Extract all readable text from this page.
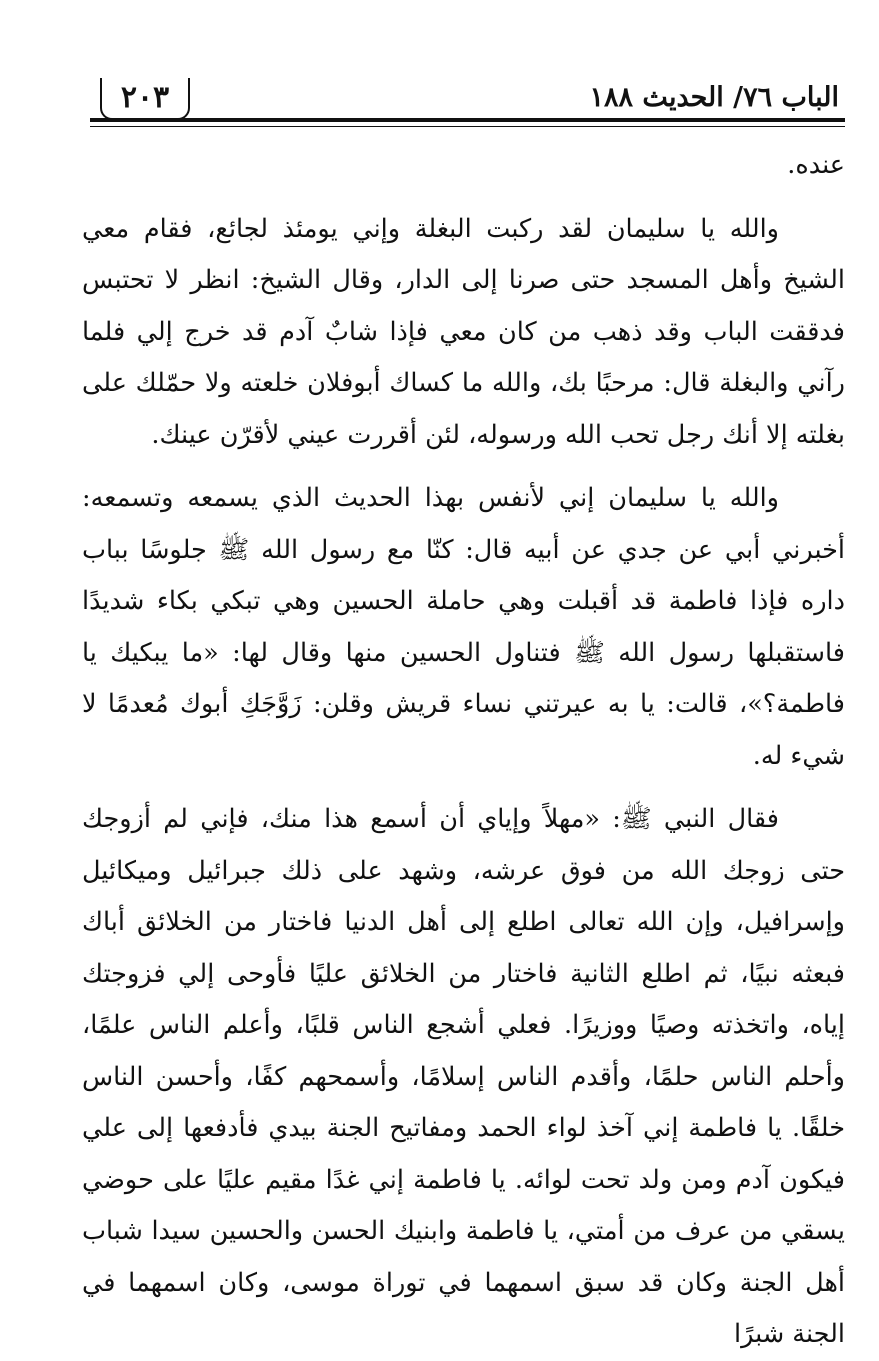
٢٠٣	الباب ٧٦/ الحديث ١٨٨

عنده.

والله يا سليمان لقد ركبت البغلة وإني يومئذ لجائع، فقام معي الشيخ وأهل المسجد حتى صرنا إلى الدار، وقال الشيخ: انظر لا تحتبس فدققت الباب وقد ذهب من كان معي فإذا شابٌ آدم قد خرج إلي فلما رآني والبغلة قال: مرحبًا بك، والله ما كساك أبوفلان خلعته ولا حمّلك على بغلته إلا أنك رجل تحب الله ورسوله، لئن أقررت عيني لأقرّن عينك.

والله يا سليمان إني لأنفس بهذا الحديث الذي يسمعه وتسمعه: أخبرني أبي عن جدي عن أبيه قال: كنّا مع رسول الله ﷺ جلوسًا بباب داره فإذا فاطمة قد أقبلت وهي حاملة الحسين وهي تبكي بكاء شديدًا فاستقبلها رسول الله ﷺ فتناول الحسين منها وقال لها: «ما يبكيك يا فاطمة؟»، قالت: يا به عيرتني نساء قريش وقلن: زَوَّجَكِ أبوك مُعدمًا لا شيء له.

فقال النبي ﷺ: «مهلاً وإياي أن أسمع هذا منك، فإني لم أزوجك حتى زوجك الله من فوق عرشه، وشهد على ذلك جبرائيل وميكائيل وإسرافيل، وإن الله تعالى اطلع إلى أهل الدنيا فاختار من الخلائق أباك فبعثه نبيًا، ثم اطلع الثانية فاختار من الخلائق عليًا فأوحى إلي فزوجتك إياه، واتخذته وصيًا ووزيرًا. فعلي أشجع الناس قلبًا، وأعلم الناس علمًا، وأحلم الناس حلمًا، وأقدم الناس إسلامًا، وأسمحهم كفًا، وأحسن الناس خلقًا. يا فاطمة إني آخذ لواء الحمد ومفاتيح الجنة بيدي فأدفعها إلى علي فيكون آدم ومن ولد تحت لوائه. يا فاطمة إني غدًا مقيم عليًا على حوضي يسقي من عرف من أمتي، يا فاطمة وابنيك الحسن والحسين سيدا شباب أهل الجنة وكان قد سبق اسمهما في توراة موسى، وكان اسمهما في الجنة شبرًا
